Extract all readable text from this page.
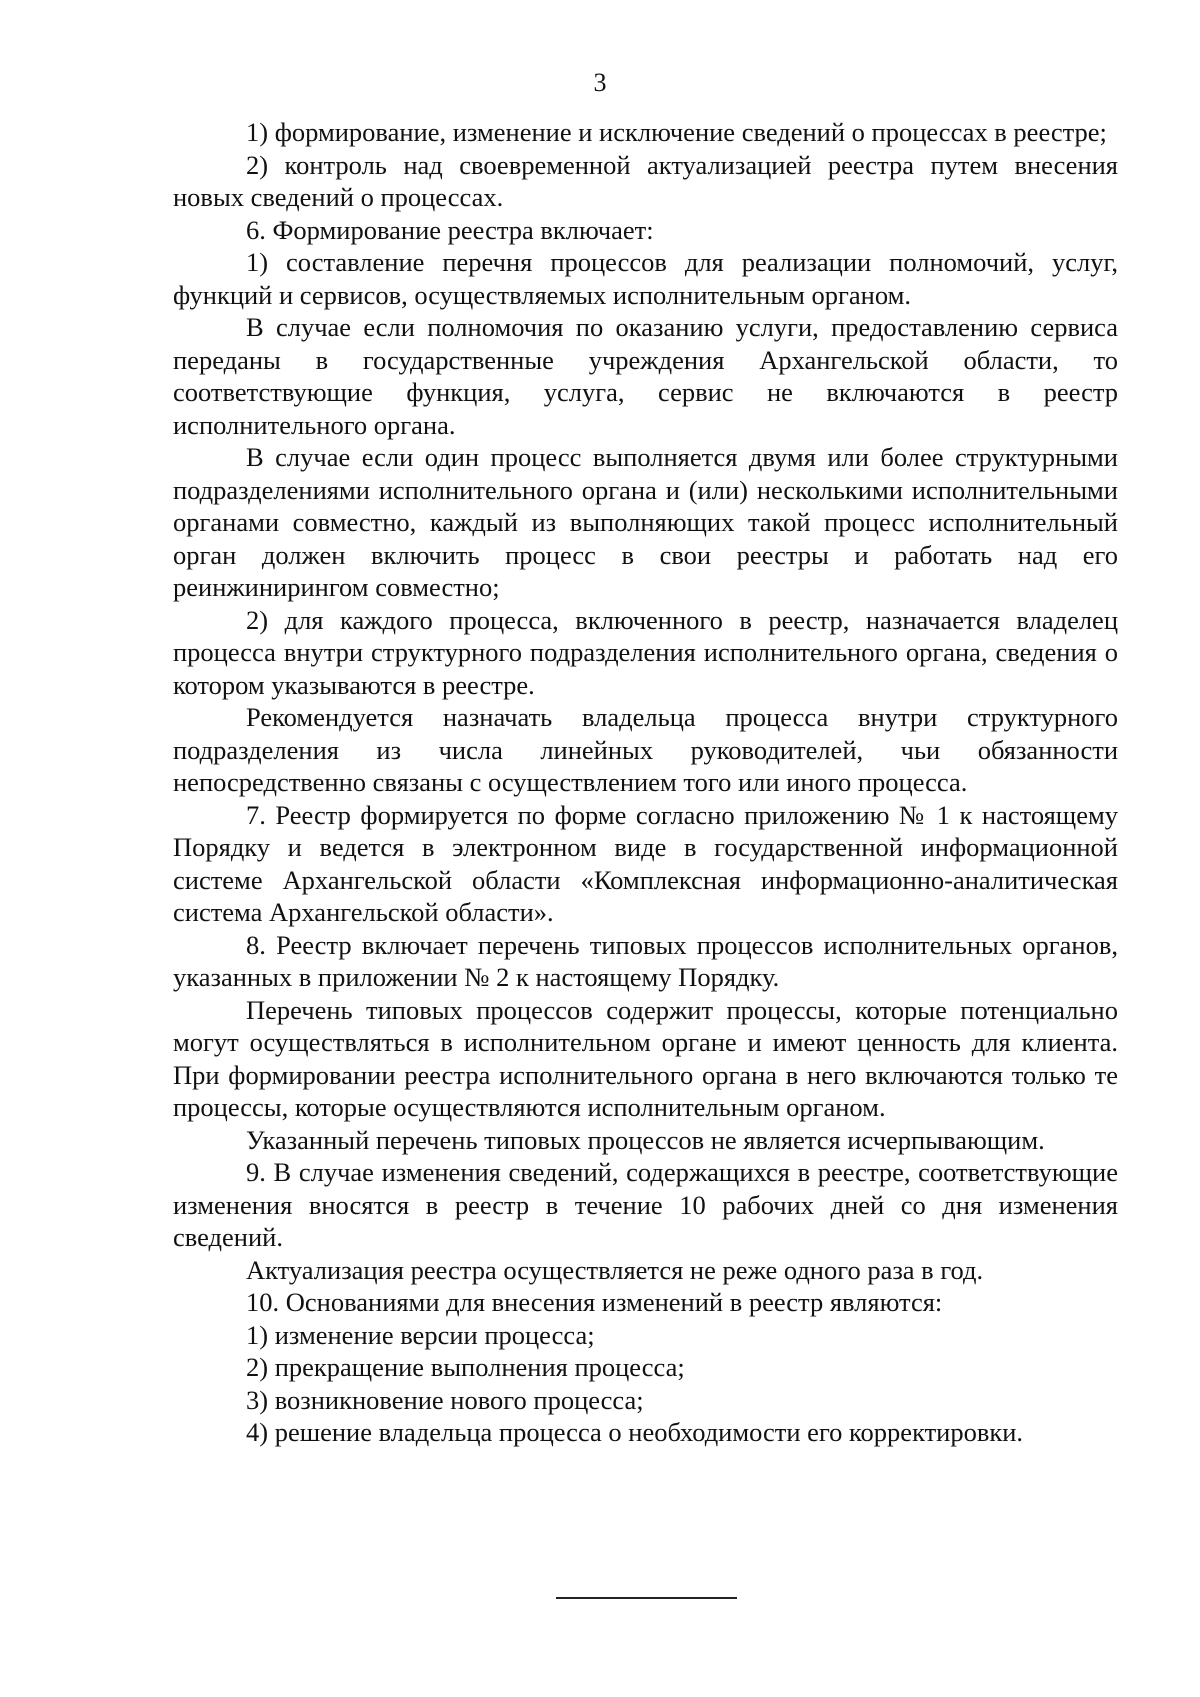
3

1) формирование, изменение и исключение сведений о процессах в реестре;

2) контроль над своевременной актуализацией реестра путем внесения новых сведений о процессах.

6. Формирование реестра включает:

1) составление перечня процессов для реализации полномочий, услуг, функций и сервисов, осуществляемых исполнительным органом.

В случае если полномочия по оказанию услуги, предоставлению сервиса переданы в государственные учреждения Архангельской области, то соответствующие функция, услуга, сервис не включаются в реестр исполнительного органа.

В случае если один процесс выполняется двумя или более структурными подразделениями исполнительного органа и (или) несколькими исполнительными органами совместно, каждый из выполняющих такой процесс исполнительный орган должен включить процесс в свои реестры и работать над его реинжинирингом совместно;

2) для каждого процесса, включенного в реестр, назначается владелец процесса внутри структурного подразделения исполнительного органа, сведения о котором указываются в реестре.

Рекомендуется назначать владельца процесса внутри структурного подразделения из числа линейных руководителей, чьи обязанности непосредственно связаны с осуществлением того или иного процесса.

7. Реестр формируется по форме согласно приложению № 1 к настоящему Порядку и ведется в электронном виде в государственной информационной системе Архангельской области «Комплексная информационно-аналитическая система Архангельской области».

8. Реестр включает перечень типовых процессов исполнительных органов, указанных в приложении № 2 к настоящему Порядку.

Перечень типовых процессов содержит процессы, которые потенциально могут осуществляться в исполнительном органе и имеют ценность для клиента. При формировании реестра исполнительного органа в него включаются только те процессы, которые осуществляются исполнительным органом.

Указанный перечень типовых процессов не является исчерпывающим.

9. В случае изменения сведений, содержащихся в реестре, соответствующие изменения вносятся в реестр в течение 10 рабочих дней со дня изменения сведений.

Актуализация реестра осуществляется не реже одного раза в год.

10. Основаниями для внесения изменений в реестр являются:

1) изменение версии процесса;

2) прекращение выполнения процесса;

3) возникновение нового процесса;

4) решение владельца процесса о необходимости его корректировки.
